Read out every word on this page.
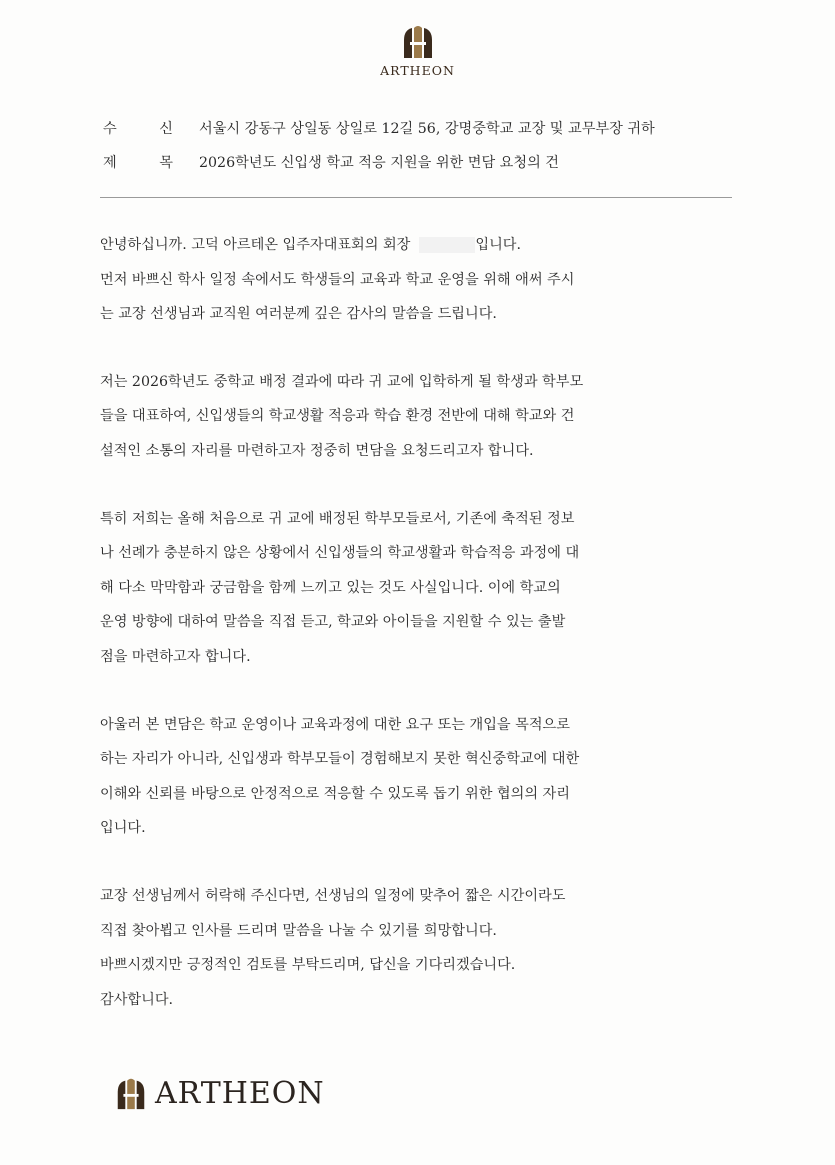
ARTHEON
수	신 서울시 강동구 상일동 상일로 12길 56, 강명중학교 교장 및 교무부장 귀하
제	목 2026학년도 신입생 학교 적응 지원을 위한 면담 요청의 건

안녕하십니까. 고덕 아르테온 입주자대표회의 회장	입니다.

먼저 바쁘신 학사 일정 속에서도 학생들의 교육과 학교 운영을 위해 애써 주시

는 교장 선생님과 교직원 여러분께 깊은 감사의 말씀을 드립니다.

저는 2026학년도 중학교 배정 결과에 따라 귀 교에 입학하게 될 학생과 학부모

들을 대표하여, 신입생들의 학교생활 적응과 학습 환경 전반에 대해 학교와 건

설적인 소통의 자리를 마련하고자 정중히 면담을 요청드리고자 합니다.

특히 저희는 올해 처음으로 귀 교에 배정된 학부모들로서, 기존에 축적된 정보

나 선례가 충분하지 않은 상황에서 신입생들의 학교생활과 학습적응 과정에 대

해 다소 막막함과 궁금함을 함께 느끼고 있는 것도 사실입니다. 이에 학교의

운영 방향에 대하여 말씀을 직접 듣고, 학교와 아이들을 지원할 수 있는 출발

점을 마련하고자 합니다.

아울러 본 면담은 학교 운영이나 교육과정에 대한 요구 또는 개입을 목적으로

하는 자리가 아니라, 신입생과 학부모들이 경험해보지 못한 혁신중학교에 대한

이해와 신뢰를 바탕으로 안정적으로 적응할 수 있도록 돕기 위한 협의의 자리

입니다.

교장 선생님께서 허락해 주신다면, 선생님의 일정에 맞추어 짧은 시간이라도

직접 찾아뵙고 인사를 드리며 말씀을 나눌 수 있기를 희망합니다.

바쁘시겠지만 긍정적인 검토를 부탁드리며, 답신을 기다리겠습니다.

감사합니다.

ARTHEON
